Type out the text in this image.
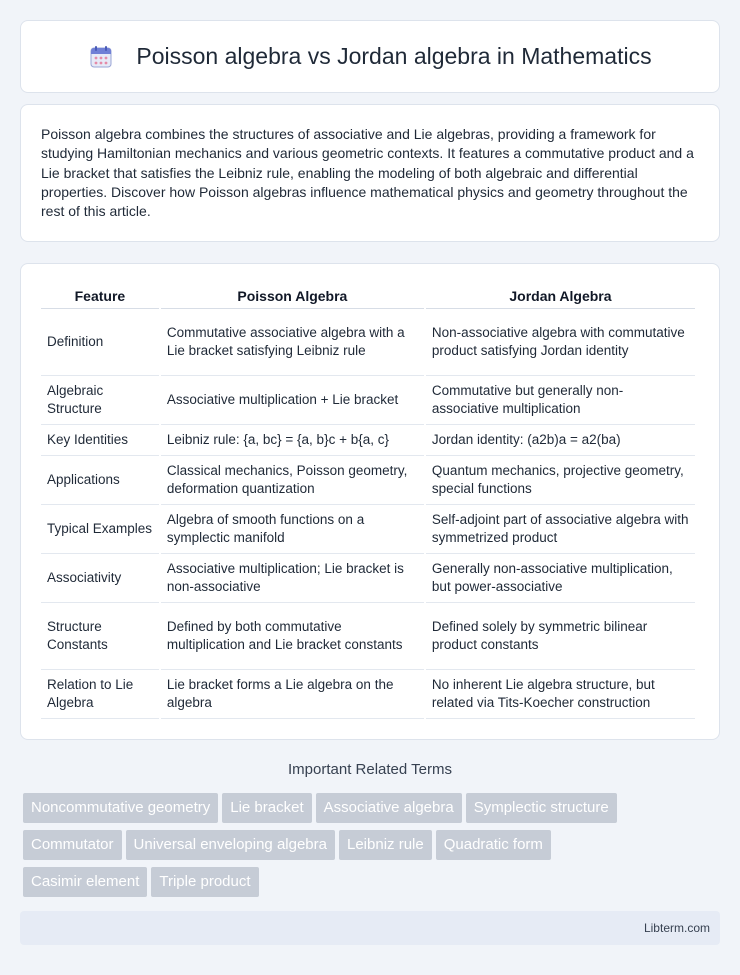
Poisson algebra vs Jordan algebra in Mathematics

Poisson algebra combines the structures of associative and Lie algebras, providing a framework for studying Hamiltonian mechanics and various geometric contexts. It features a commutative product and a Lie bracket that satisfies the Leibniz rule, enabling the modeling of both algebraic and differential properties. Discover how Poisson algebras influence mathematical physics and geometry throughout the rest of this article.

Feature	Poisson Algebra	Jordan Algebra
Definition	Commutative associative algebra with a Lie bracket satisfying Leibniz rule	Non-associative algebra with commutative product satisfying Jordan identity
Algebraic Structure	Associative multiplication + Lie bracket	Commutative but generally non-associative multiplication
Key Identities	Leibniz rule: {a, bc} = {a, b}c + b{a, c}	Jordan identity: (a2b)a = a2(ba)
Applications	Classical mechanics, Poisson geometry, deformation quantization	Quantum mechanics, projective geometry, special functions
Typical Examples	Algebra of smooth functions on a symplectic manifold	Self-adjoint part of associative algebra with symmetrized product
Associativity	Associative multiplication; Lie bracket is non-associative	Generally non-associative multiplication, but power-associative
Structure Constants	Defined by both commutative multiplication and Lie bracket constants	Defined solely by symmetric bilinear product constants
Relation to Lie Algebra	Lie bracket forms a Lie algebra on the algebra	No inherent Lie algebra structure, but related via Tits-Koecher construction
Important Related Terms
Noncommutative geometry Lie bracket Associative algebra Symplectic structure
Commutator Universal enveloping algebra Leibniz rule Quadratic form
Casimir element Triple product
Libterm.com
